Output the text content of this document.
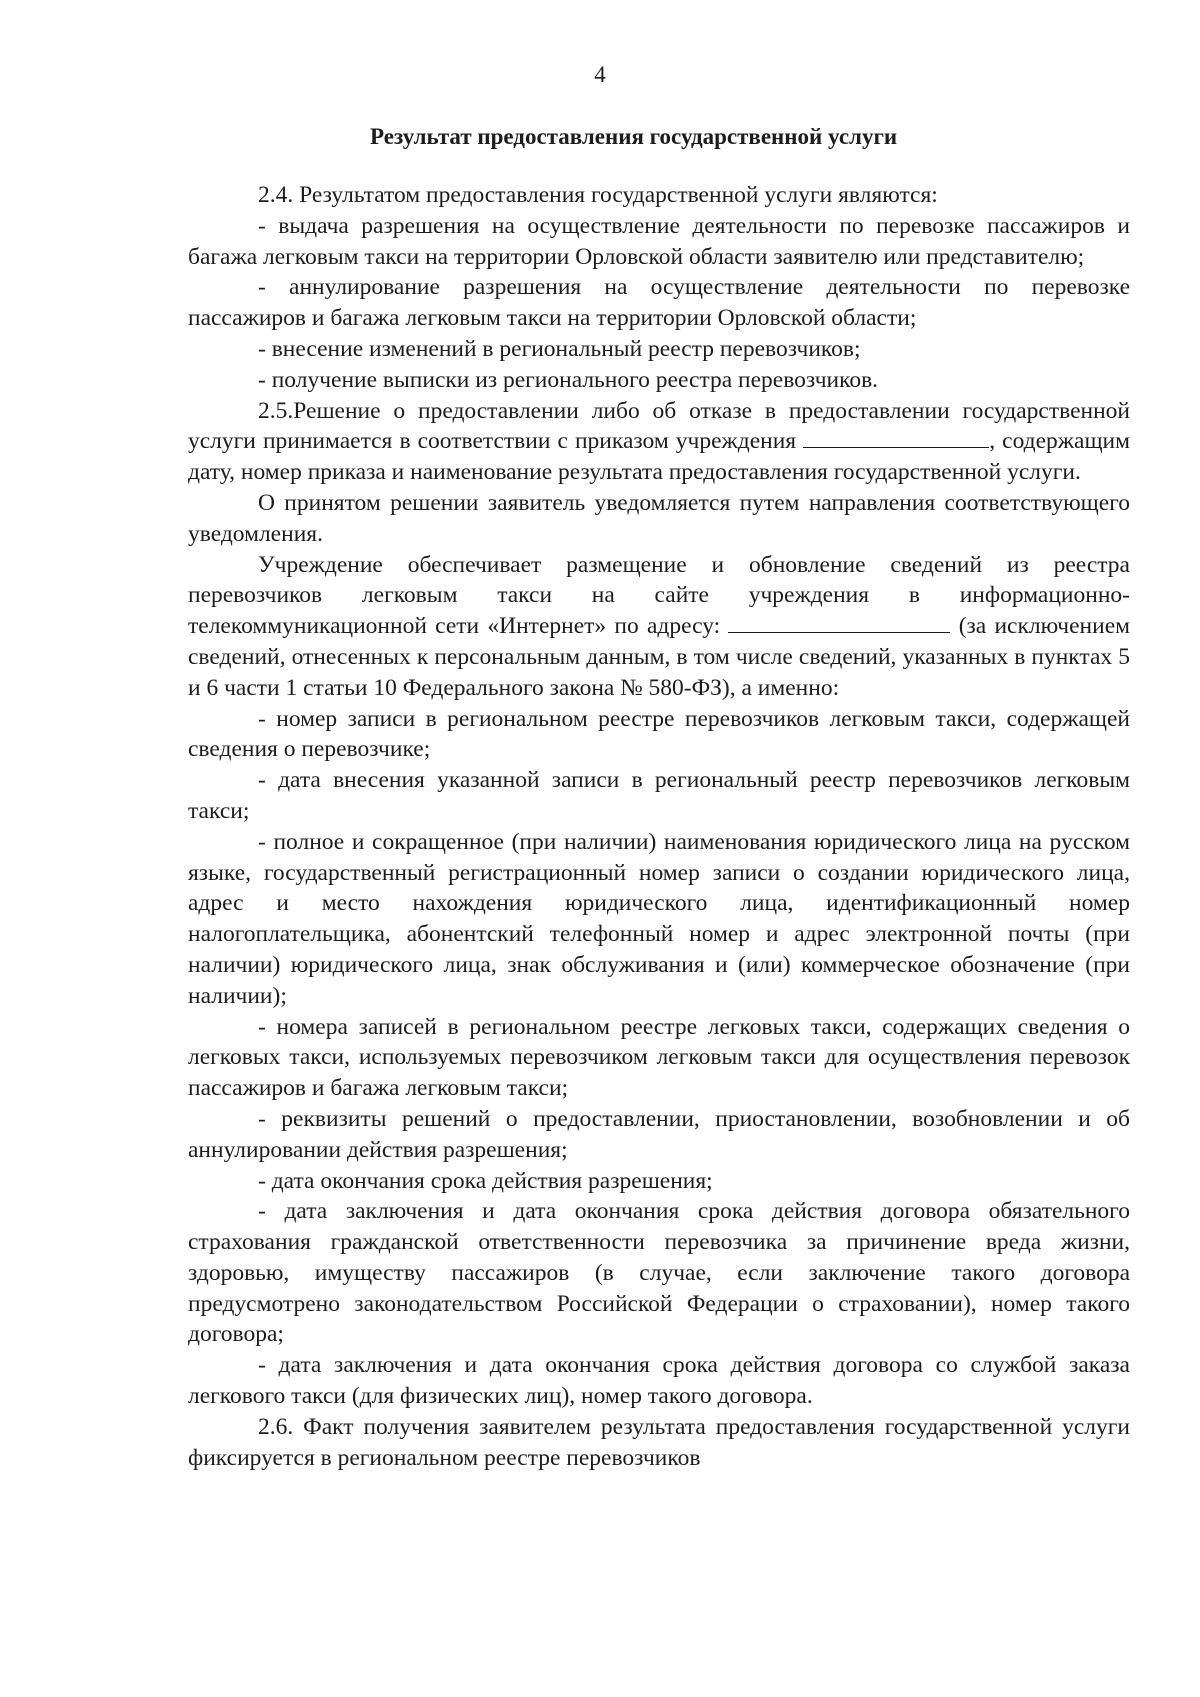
4
Результат предоставления государственной услуги

2.4. Результатом предоставления государственной услуги являются:

- выдача разрешения на осуществление деятельности по перевозке пассажиров и багажа легковым такси на территории Орловской области заявителю или представителю;

- аннулирование разрешения на осуществление деятельности по перевозке пассажиров и багажа легковым такси на территории Орловской области;

- внесение изменений в региональный реестр перевозчиков;

- получение выписки из регионального реестра перевозчиков.

2.5.Решение о предоставлении либо об отказе в предоставлении государственной услуги принимается в соответствии с приказом учреждения	, содержащим дату, номер приказа и наименование результата предоставления государственной услуги.

О принятом решении заявитель уведомляется путем направления соответствующего уведомления.

Учреждение обеспечивает размещение и обновление сведений из реестра перевозчиков легковым такси на сайте учреждения в информационно-телекоммуникационной сети «Интернет» по адресу:	(за исключением сведений, отнесенных к персональным данным, в том числе сведений, указанных в пунктах 5 и 6 части 1 статьи 10 Федерального закона № 580-ФЗ), а именно:

- номер записи в региональном реестре перевозчиков легковым такси, содержащей сведения о перевозчике;

- дата внесения указанной записи в региональный реестр перевозчиков легковым такси;

- полное и сокращенное (при наличии) наименования юридического лица на русском языке, государственный регистрационный номер записи о создании юридического лица, адрес и место нахождения юридического лица, идентификационный номер налогоплательщика, абонентский телефонный номер и адрес электронной почты (при наличии) юридического лица, знак обслуживания и (или) коммерческое обозначение (при наличии);

- номера записей в региональном реестре легковых такси, содержащих сведения о легковых такси, используемых перевозчиком легковым такси для осуществления перевозок пассажиров и багажа легковым такси;

- реквизиты решений о предоставлении, приостановлении, возобновлении и об аннулировании действия разрешения;

- дата окончания срока действия разрешения;

- дата заключения и дата окончания срока действия договора обязательного страхования гражданской ответственности перевозчика за причинение вреда жизни, здоровью, имуществу пассажиров (в случае, если заключение такого договора предусмотрено законодательством Российской Федерации о страховании), номер такого договора;

- дата заключения и дата окончания срока действия договора со службой заказа легкового такси (для физических лиц), номер такого договора.

2.6. Факт получения заявителем результата предоставления государственной услуги фиксируется в региональном реестре перевозчиков
